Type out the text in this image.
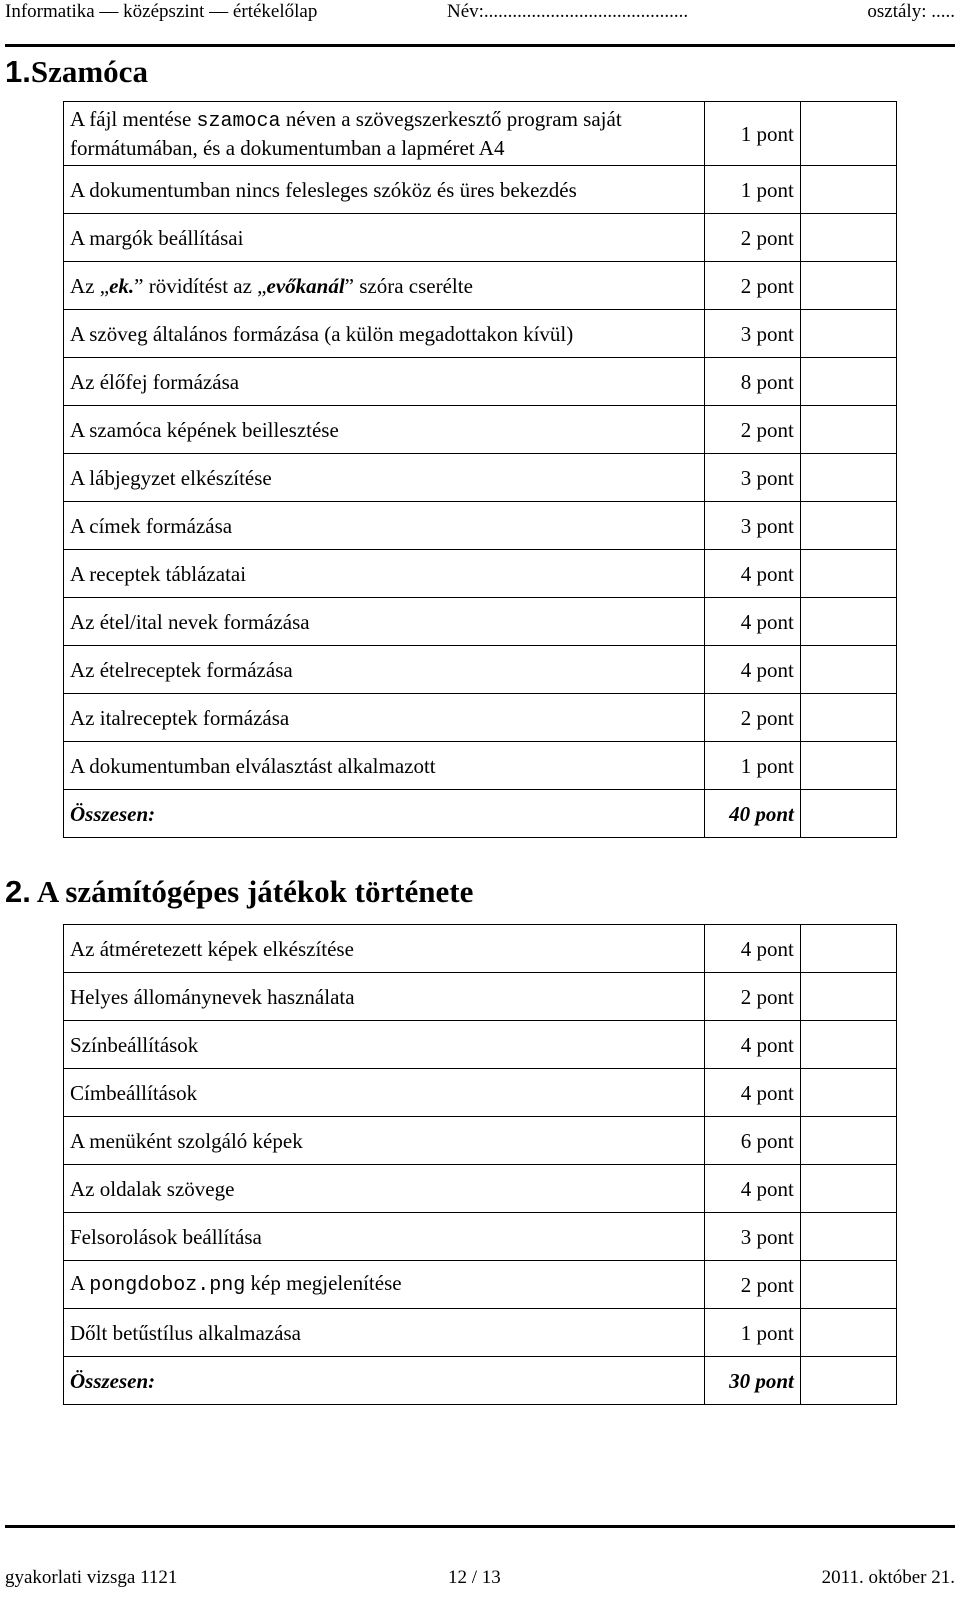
Informatika — középszint — értékelőlap	Név:...........................................	osztály: .....
1.Szamóca
A fájl mentése szamoca néven a szövegszerkesztő program saját formátumában, és a dokumentumban a lapméret A4	1 pont	
A dokumentumban nincs felesleges szóköz és üres bekezdés	1 pont	
A margók beállításai	2 pont	
Az „ek.” rövidítést az „evőkanál” szóra cserélte	2 pont	
A szöveg általános formázása (a külön megadottakon kívül)	3 pont	
Az élőfej formázása	8 pont	
A szamóca képének beillesztése	2 pont	
A lábjegyzet elkészítése	3 pont	
A címek formázása	3 pont	
A receptek táblázatai	4 pont	
Az étel/ital nevek formázása	4 pont	
Az ételreceptek formázása	4 pont	
Az italreceptek formázása	2 pont	
A dokumentumban elválasztást alkalmazott	1 pont	
Összesen:	40 pont	
2. A számítógépes játékok története
Az átméretezett képek elkészítése	4 pont	
Helyes állománynevek használata	2 pont	
Színbeállítások	4 pont	
Címbeállítások	4 pont	
A menüként szolgáló képek	6 pont	
Az oldalak szövege	4 pont	
Felsorolások beállítása	3 pont	
A pongdoboz.png kép megjelenítése	2 pont	
Dőlt betűstílus alkalmazása	1 pont	
Összesen:	30 pont	
gyakorlati vizsga 1121	12 / 13	2011. október 21.
